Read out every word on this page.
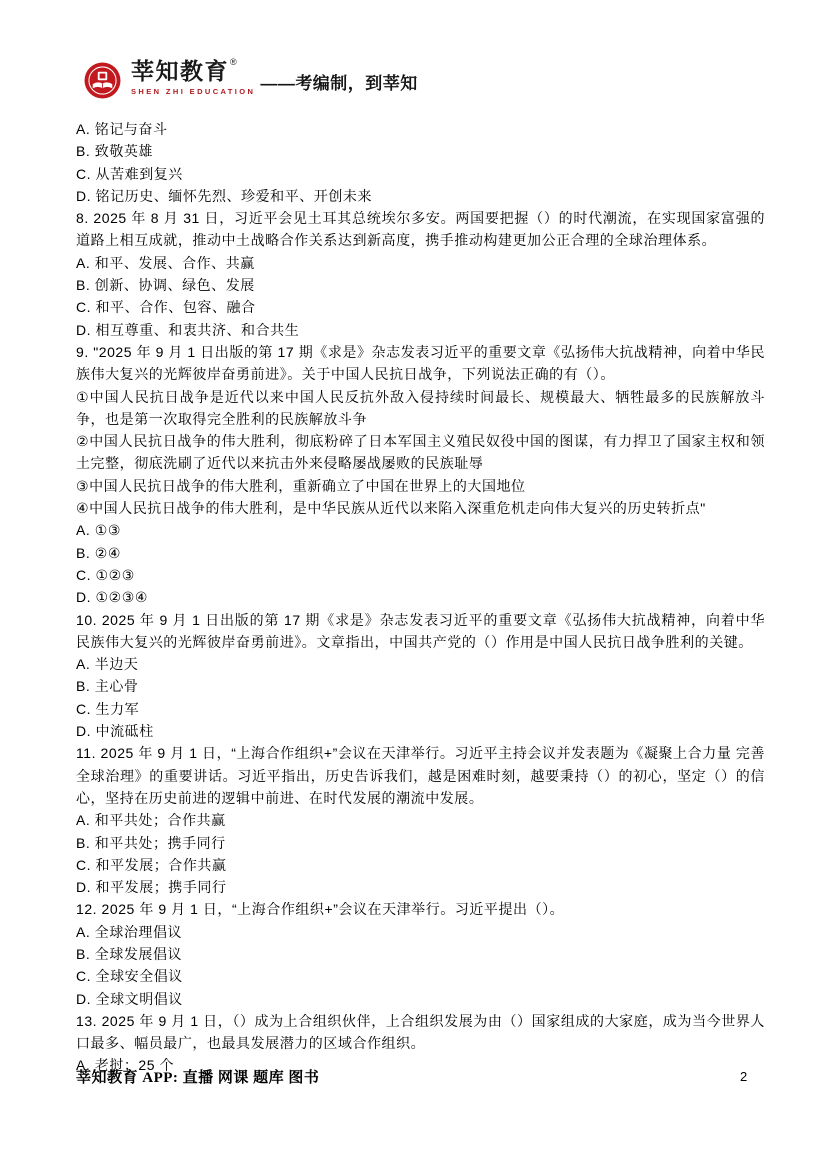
莘知教育 ®
SHEN ZHI EDUCATION ——考编制，到莘知

A. 铭记与奋斗

B. 致敬英雄

C. 从苦难到复兴

D. 铭记历史、缅怀先烈、珍爱和平、开创未来

8. 2025 年 8 月 31 日，习近平会见土耳其总统埃尔多安。两国要把握（）的时代潮流，在实现国家富强的道路上相互成就，推动中土战略合作关系达到新高度，携手推动构建更加公正合理的全球治理体系。

A. 和平、发展、合作、共赢

B. 创新、协调、绿色、发展

C. 和平、合作、包容、融合

D. 相互尊重、和衷共济、和合共生

9. "2025 年 9 月 1 日出版的第 17 期《求是》杂志发表习近平的重要文章《弘扬伟大抗战精神，向着中华民族伟大复兴的光辉彼岸奋勇前进》。关于中国人民抗日战争，下列说法正确的有（）。

①中国人民抗日战争是近代以来中国人民反抗外敌入侵持续时间最长、规模最大、牺牲最多的民族解放斗争，也是第一次取得完全胜利的民族解放斗争

②中国人民抗日战争的伟大胜利，彻底粉碎了日本军国主义殖民奴役中国的图谋，有力捍卫了国家主权和领土完整，彻底洗刷了近代以来抗击外来侵略屡战屡败的民族耻辱

③中国人民抗日战争的伟大胜利，重新确立了中国在世界上的大国地位

④中国人民抗日战争的伟大胜利，是中华民族从近代以来陷入深重危机走向伟大复兴的历史转折点"

A. ①③

B. ②④

C. ①②③

D. ①②③④

10. 2025 年 9 月 1 日出版的第 17 期《求是》杂志发表习近平的重要文章《弘扬伟大抗战精神，向着中华民族伟大复兴的光辉彼岸奋勇前进》。文章指出，中国共产党的（）作用是中国人民抗日战争胜利的关键。

A. 半边天

B. 主心骨

C. 生力军

D. 中流砥柱

11. 2025 年 9 月 1 日，“上海合作组织+”会议在天津举行。习近平主持会议并发表题为《凝聚上合力量 完善全球治理》的重要讲话。习近平指出，历史告诉我们，越是困难时刻，越要秉持（）的初心，坚定（）的信心，坚持在历史前进的逻辑中前进、在时代发展的潮流中发展。

A. 和平共处；合作共赢

B. 和平共处；携手同行

C. 和平发展；合作共赢

D. 和平发展；携手同行

12. 2025 年 9 月 1 日，“上海合作组织+”会议在天津举行。习近平提出（）。

A. 全球治理倡议

B. 全球发展倡议

C. 全球安全倡议

D. 全球文明倡议

13. 2025 年 9 月 1 日，（）成为上合组织伙伴，上合组织发展为由（）国家组成的大家庭，成为当今世界人口最多、幅员最广，也最具发展潜力的区域合作组织。

A. 老挝；25 个

莘知教育 APP: 直播 网课 题库 图书	2
